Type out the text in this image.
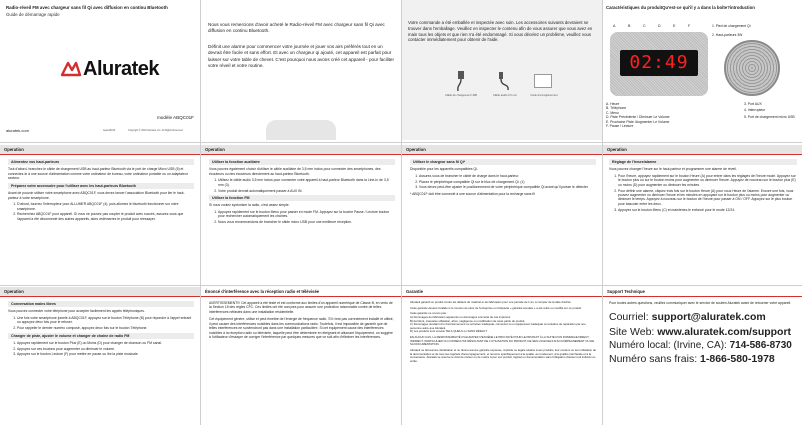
Radio-réveil FM avec chargeur sans fil Qi avec diffusion en continu Bluetooth
Guide de démarrage rapide
Aluratek
modèle ABQC01F
aluratek.com	Aqua16010	Copyright © 2023 Aluratek, Inc. All Rights Reserved
Nous vous remercions d'avoir acheté le Radio-réveil FM avec chargeur sans fil Qi avec diffusion en continu Bluetooth.
Définit une alarme pour commencer votre journée et jouer vos airs préférés tout en un devrait être facile et sans effort. Et avec un chargeur qi ajouté, cet appareil est parfait pour laisser sur votre table de chevet. C'est pourquoi nous avons créé cet appareil - pour faciliter votre réveil et votre routine.
Votre commande a été emballée et inspectée avec soin. Les accessoires suivants devraient se trouver dans l'emballage. Veuillez en inspecter le contenu afin de vous assurer que vous avez en main tous les objets et que rien n'a été endommagé. Si vous décelez un problème, veuillez vous contacter immédiatement pour obtenir de l'aide.
Câble de chargement USB	Câble audio 3,5 mm	Carte d'enregistrement
Caractéristiques du produitQu'est-ce qui'il y a dans la boîte?introduction
A	B	C	D	E	F
02:49
1. Pied de chargement Qi
2. Haut-parleurs 3W
A. Heure
B. Téléphone
C. Menu
D. Piste Précédente / Diminuer Le Volume
E. Prochaine Piste /Augmenter Le Volume
F. Pause / Lecture
3. Port AUX
4. Interrupteur
5. Port de chargement micro USB
Operation
Alimentez vos haut-parleurs
Tout d'abord, branchez le câble de chargement USB au haut-parleur Bluetooth via le port de charge Micro USB (5) et connectez-le à une source d'alimentation comme votre ordinateur de bureau, votre ordinateur portable ou un adaptateur secteur.
Préparez votre accessoire pour l'utiliser avec les haut-parleurs Bluetooth
Avant de pouvoir utiliser votre smartphone avec ABQC01F, vous devez lancer l'association Bluetooth pour lier le haut-parleur à votre smartphone.
1. D'abord, tournez l'interrupteur pour ALLUMER ABQC01F (4), puis allumez le bluetooth fonctionner sur votre smartphone.
2. Recherchez ABQC01F pour appareil. Si vous ne pouvez pas coupler le produit avec succès, assurez-vous que l'appareil a été déconnecté des autres appareils, alors redémarrez le produit pour réessayer.
Operation
Utiliser la fonction auxiliaire
Vous pouvez également choisir d'utiliser le câble auxiliaire de 3,5 mm inclus pour connecter des smartphones, des écouteurs ou des écouteurs directement au haut-parleur Bluetooth.
1. Utilisez le câble audio 3,5 mm inclus pour connecter votre appareil à haut-parleur Bluetooth dans la Line-In de 3,5 mm (3).
2. Votre produit devrait automatiquement passer à AUX IN.
Utiliser la fonction FM
Si vous voulez syntoniser la radio, c'est assez simple.
1. Appuyez rapidement sur le bouton Menu pour passer en mode FM. Appuyez sur la touche Pause / Lecture bouton pour rechercher automatiquement les chaînes.
2. Nous vous recommandons de brancher le câble micro USB pour une meilleure réception.
Operation
Utiliser le chargeur sans fil Qi*
Disponible pour les appareils compatibles Qi.
1. Assurez-vous de brancher le câble de charge dans le haut-parleur.
2. Placez le périphérique compatible Qi sur le bloc de chargement Qi. (1)
3. Vous devez peut-être ajuster le positionnement de votre périphérique compatible Qi avant qu'il puisse le détecter
* ABQC01F doit être connecté à une source d'alimentation pour la recharge sans fil
Operation
Réglage de l'heure/alarme
Vous pouvez changer l'heure sur le haut-parleur et programmer une alarme de réveil.
1. Pour l'heure, appuyez rapidement sur le bouton Heure (A) pour entrer dans les réglages de l'heure mode. Appuyez sur le bouton plus ou sur le bouton moins pour augmenter ou diminuer l'heure. Appuyez de nouveau sur le bouton plus (E) ou moins (D) pour augmenter ou diminuer les minutes.
2. Pour définir une alarme, cliquez trois fois sur le bouton Heure (A) pour vous Heure de l'alarme. Encore une fois, vous pouvez augmenter ou diminuer l'heure et les minutes en appuyant sur le bouton plus ou moins pour augmenter ou diminuer le temps. Appuyez à nouveau sur le bouton de l'heure pour passer à ON / OFF. Appuyez sur le plus bouton pour basculer entre les deux.
3. Appuyez sur le bouton Menu (C) et maintenez-le enfoncé pour le mode 12/24.
Operation
Conversation mains libres
Vous pouvez connecter votre téléphone pour accepter facilement les appels téléphoniques.
1. Une fois votre smartphone jumelé à ABQC01F, appuyez sur le bouton Téléphone (B) pour répondre à l'appel entrant ou appuyez deux fois pour le refuser.
2. Pour rappeler le dernier numéro composé, appuyez deux fois sur le bouton Téléphone.
Changer de piste, ajuster le volume et changer de chaîne de radio FM
1. Appuyez rapidement sur le bouton Plus (E) ou Moins (D) pour changer de chanson ou FM canal.
2. Appuyez sur ces boutons pour augmenter ou diminuer le volume.
3. Appuyez sur le bouton Lecture (F) pour mettre en pause ou lire la piste musicale.
Énoncé d'interférence avec la réception radio et télévisée
AVERTISSEMENT!!! Cet appareil a été testé et est conforme aux limites d'un appareil numérique de Classe B, en vertu de la Section 15 des règles CFC. Ces limites ont été conçues pour assurer une protection raisonnable contre de telles interférences néfastes dans une installation résidentielle.
Cet équipement génère, utilise et peut émettre de l'énergie de fréquence radio. S'il n'est pas correctement installé et utilisé, il peut causer des interférences nuisibles dans les communications radio. Toutefois, il est impossible de garantir que de telles interférences ne surviendront pas dans une installation particulière. Si cet équipement cause des interférences nuisibles à la réception radio ou télévisée, laquelle peut être déterminée en éteignant et allumant l'équipement, on suggère à l'utilisateur d'essayer de corriger l'interférence par quelques mesures que ce soit afin d'éliminer les interférences.
Garantie
Aluratek garantit ce produit contre les défauts de matériel et de fabrication pour une période de 1 an, à compter de la date d'achat.
Cette garantie devient invalide si le numéro de série de l'entreprise ou l'étiquette « garantie annulée » a été retiré ou modifié sur ce produit.
Cette garantie ne couvre pas :
A) Dommages de fabrication apparents ou dommages à la suite de cas imprévus
B) Accident, mauvaise utilisation, abus, négligence ou modification de toute partie du produit.
C) Dommages résultant d'un fonctionnement ou entretien inadéquat, connexion à un équipement inadéquat ou tentative de réparation par une personne autre que Aluratek.
D) Les produits sont vendus TELS QUELS ou SANS DÉFAUT.
EN AUCUN CAS, LA RESPONSABILITÉ D'ALURATEK N'EXCÈDE LE PRIX PAYÉ POUR LE PRODUIT À LA SUITE D'UN DOMMAGE DIRECT, INDIRECT, PARTICULIER OU CONSÉCUTIF RÉSULTANT DE L'UTILISATION DU PRODUIT, DE SES LOGICIELS D'ACCOMPAGNEMENT OU DE SA DOCUMENTATION.
Aluratek ne fait aucune déclaration et ne donne aucune garantie expresse, implicite ou légale relative à ses produits, leur contenu ou leur utilisation de la documentation et de tous ses logiciels d'accompagnement, et renonce spécifiquement à la qualité, au rendement, à la qualité marchande et à la convenance. Aluratek se réserve le droit de réviser ou de mettre à jour son produit, logiciel ou documentation sans l'obligation d'aviser tout individu ou entité.
Support Technique
Pour toutes autres questions, veuillez communiquer avec le service de soutien Aluratek avant de retourner votre appareil.
Courriel: support@aluratek.com
Site Web: www.aluratek.com/support
Numéro local: (Irvine, CA): 714-586-8730
Numéro sans frais: 1-866-580-1978
